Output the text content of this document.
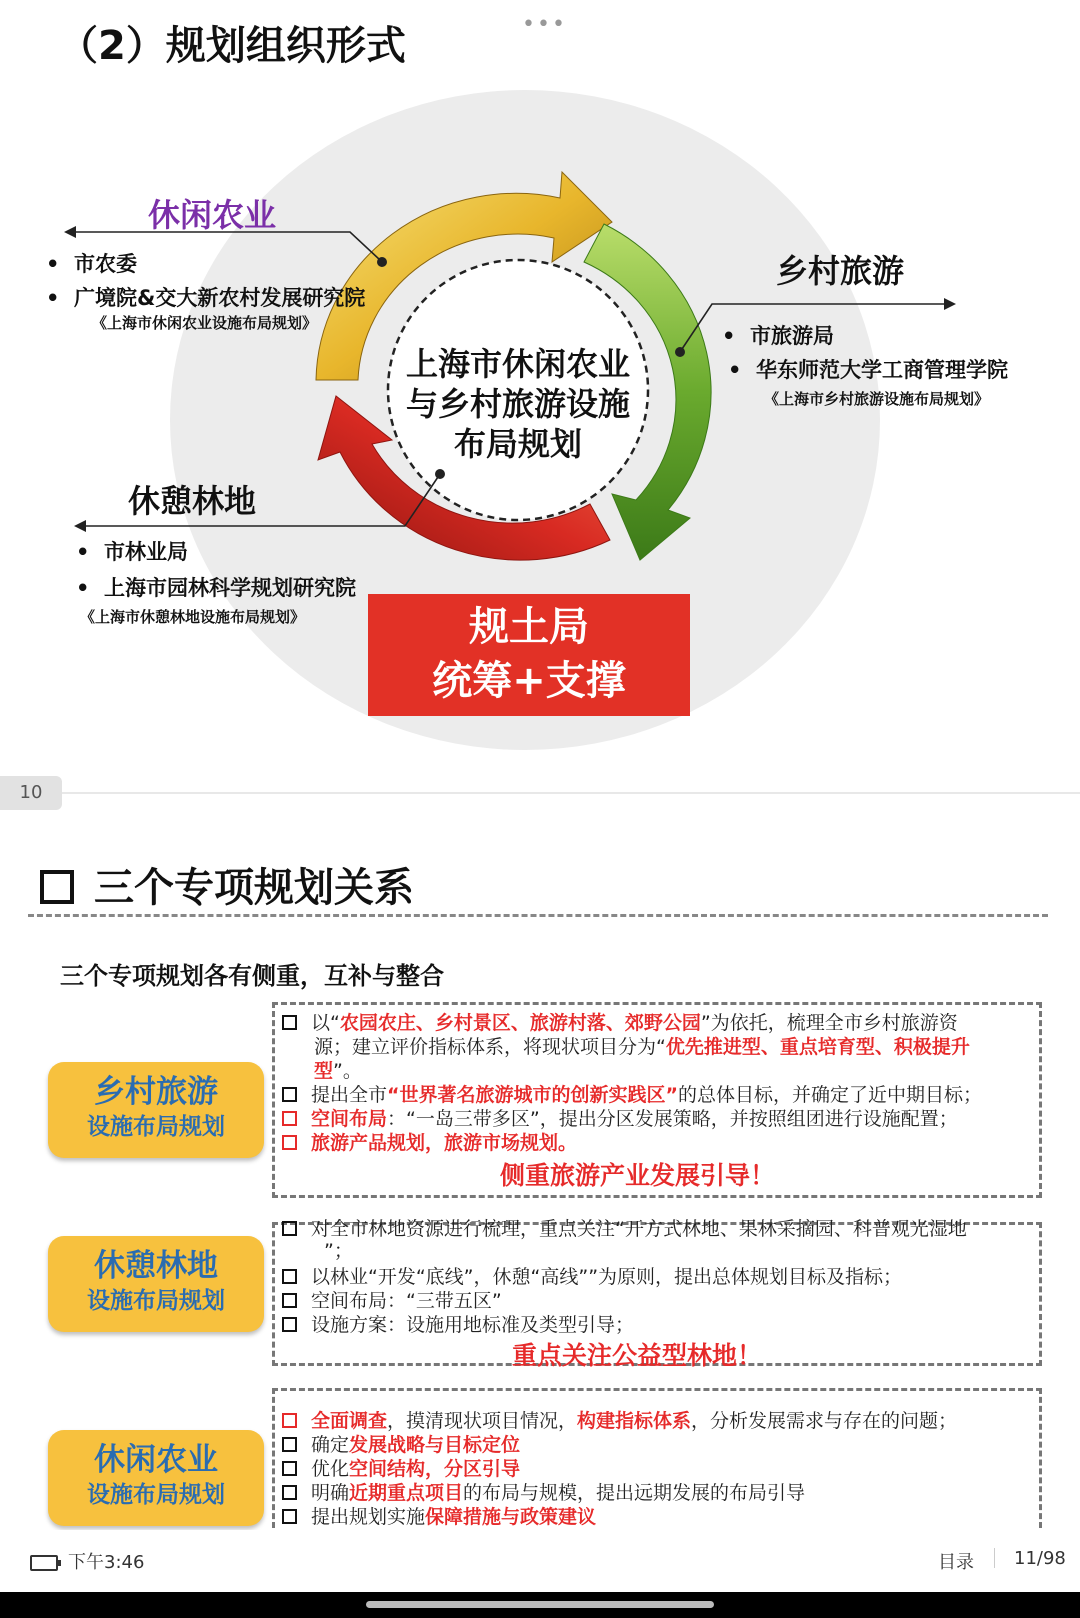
（2）规划组织形式	•••
上海市休闲农业
与乡村旅游设施
布局规划
休闲农业
• 市农委
• 广境院&交大新农村发展研究院
《上海市休闲农业设施布局规划》
乡村旅游
• 市旅游局
• 华东师范大学工商管理学院
《上海市乡村旅游设施布局规划》
休憩林地
• 市林业局
• 上海市园林科学规划研究院
《上海市休憩林地设施布局规划》	规土局
统筹+支撑
10
三个专项规划关系
三个专项规划各有侧重，互补与整合
乡村旅游
设施布局规划
以“农园农庄、乡村景区、旅游村落、郊野公园”为依托，梳理全市乡村旅游资
源；建立评价指标体系，将现状项目分为“优先推进型、重点培育型、积极提升
型”。
提出全市“世界著名旅游城市的创新实践区”的总体目标，并确定了近中期目标；
空间布局：“一岛三带多区”，提出分区发展策略，并按照组团进行设施配置；
旅游产品规划，旅游市场规划。
侧重旅游产业发展引导！
休憩林地
设施布局规划
对全市林地资源进行梳理，重点关注“开方式林地、果林采摘园、科普观光湿地
”；
以林业“开发“底线”，休憩“高线””为原则，提出总体规划目标及指标；
空间布局：“三带五区”
设施方案：设施用地标准及类型引导；
重点关注公益型林地！
休闲农业
设施布局规划
全面调查，摸清现状项目情况，构建指标体系，分析发展需求与存在的问题；
确定发展战略与目标定位
优化空间结构，分区引导
明确近期重点项目的布局与规模，提出远期发展的布局引导
提出规划实施保障措施与政策建议
下午3:46	目录 11/98
